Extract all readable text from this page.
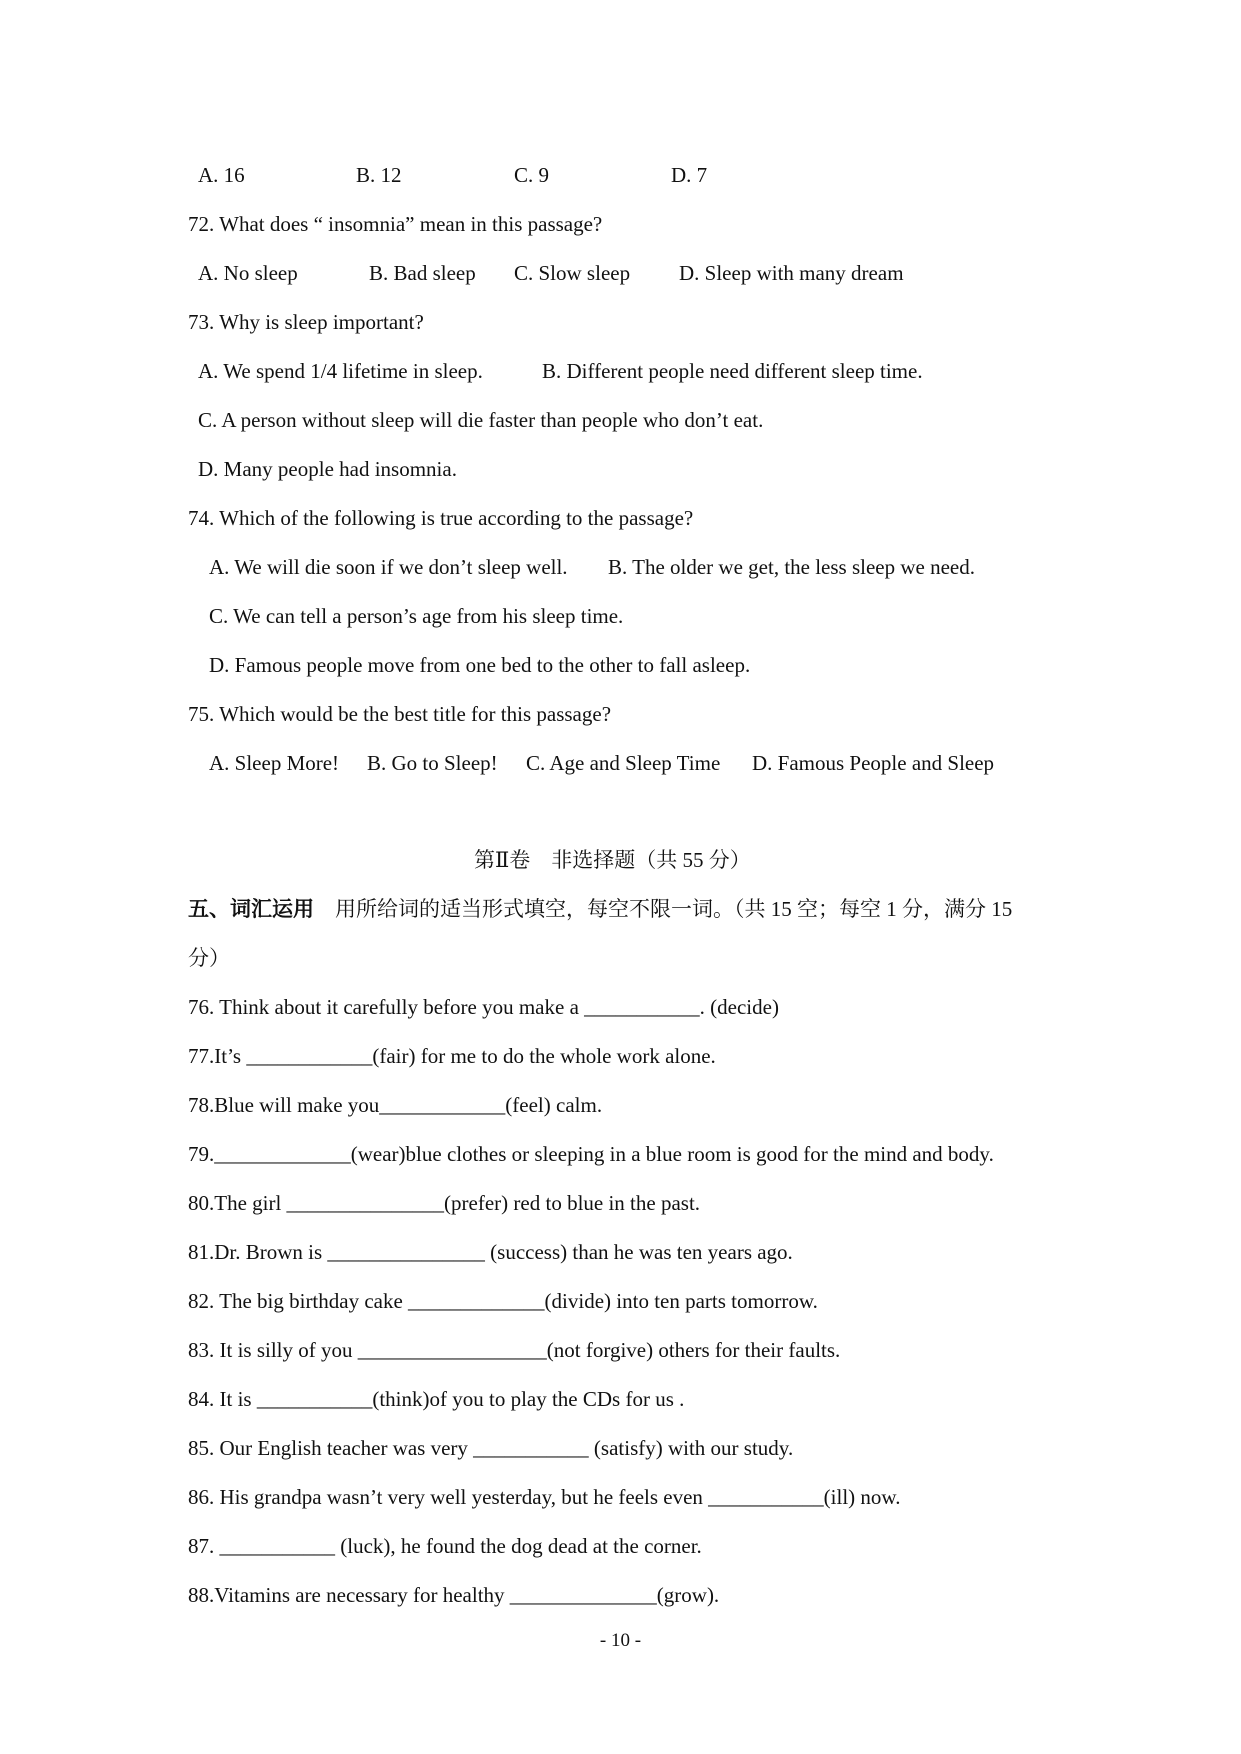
A. 16	B. 12	C. 9	D. 7
72. What does “ insomnia” mean in this passage?
A. No sleep	B. Bad sleep C. Slow sleep D. Sleep with many dream
73. Why is sleep important?
A. We spend 1/4 lifetime in sleep.	B. Different people need different sleep time.
C. A person without sleep will die faster than people who don’t eat.
D. Many people had insomnia.
74. Which of the following is true according to the passage?
A. We will die soon if we don’t sleep well. B. The older we get, the less sleep we need.
C. We can tell a person’s age from his sleep time.
D. Famous people move from one bed to the other to fall asleep.
75. Which would be the best title for this passage?
A. Sleep More! B. Go to Sleep! C. Age and Sleep Time D. Famous People and Sleep
第Ⅱ卷　非选择题（共 55 分）
五、词汇运用 用所给词的适当形式填空，每空不限一词。（共 15 空；每空 1 分，满分 15
分）
76. Think about it carefully before you make a ___________. (decide)
77.It’s ____________(fair) for me to do the whole work alone.
78.Blue will make you____________(feel) calm.
79._____________(wear)blue clothes or sleeping in a blue room is good for the mind and body.
80.The girl _______________(prefer) red to blue in the past.
81.Dr. Brown is _______________ (success) than he was ten years ago.
82. The big birthday cake _____________(divide) into ten parts tomorrow.
83. It is silly of you __________________(not forgive) others for their faults.
84. It is ___________(think)of you to play the CDs for us .
85. Our English teacher was very ___________ (satisfy) with our study.
86. His grandpa wasn’t very well yesterday, but he feels even ___________(ill) now.
87. ___________ (luck), he found the dog dead at the corner.
88.Vitamins are necessary for healthy ______________(grow).
- 10 -
